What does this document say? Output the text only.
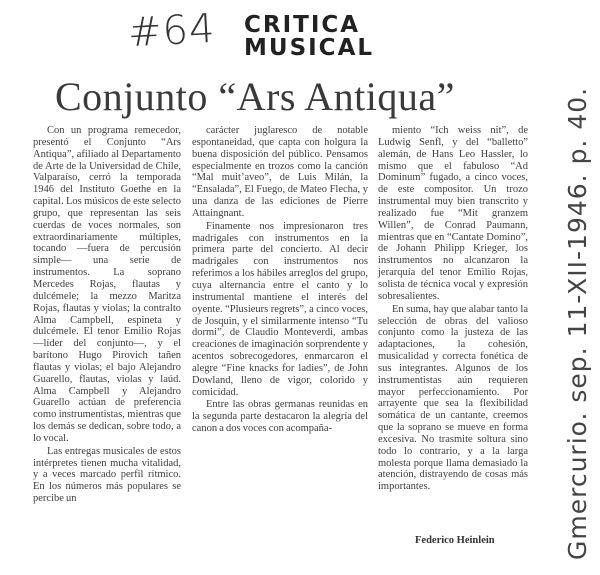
#64 CRITICA
MUSICAL
Conjunto “Ars Antiqua”

Con un programa remecedor, presentó el Conjunto “Ars Antiqua”, afiliado al Departamento de Arte de la Universidad de Chile, Valparaíso, cerró la temporada 1946 del Instituto Goethe en la capital. Los músicos de este selecto grupo, que representan las seis cuerdas de voces normales, son extraordinariamente múltiples, tocando —fuera de percusión simple— una serie de instrumentos. La soprano Mercedes Rojas, flautas y dulcémele; la mezzo Maritza Rojas, flautas y violas; la contralto Alma Campbell, espineta y dulcémele. El tenor Emilio Rojas —líder del conjunto—, y el barítono Hugo Pirovich tañen flautas y violas; el bajo Alejandro Guarello, flautas, violas y laúd. Alma Campbell y Alejandro Guarello actúan de preferencia como instrumentistas, mientras que los demás se dedican, sobre todo, a lo vocal.

Las entregas musicales de estos intérpretes tienen mucha vitalidad, y a veces marcado perfil rítmico. En los números más populares se percibe un

carácter juglaresco de notable espontaneidad, que capta con holgura la buena disposición del público. Pensamos especialmente en trozos como la canción “Mal muit’aveo”, de Luis Milán, la “Ensalada”, El Fuego, de Mateo Flecha, y una danza de las ediciones de Pierre Attaingnant.

Finamente nos impresionaron tres madrigales con instrumentos en la primera parte del concierto. Al decir madrigales con instrumentos nos referimos a los hábiles arreglos del grupo, cuya alternancia entre el canto y lo instrumental mantiene el interés del oyente. “Plusieurs regrets”, a cinco voces, de Josquin, y el similarmente intenso “Tu dormi”, de Claudio Monteverdi, ambas creaciones de imaginación sorprendente y acentos sobrecogedores, enmarcaron el alegre “Fine knacks for ladies”, de John Dowland, lleno de vigor, colorido y comicidad.

Entre las obras germanas reunidas en la segunda parte destacaron la alegría del canon a dos voces con acompaña-

miento “Ich weiss nit”, de Ludwig Senfl, y del “balletto” alemán, de Hans Leo Hassler, lo mismo que el fabuloso “Ad Dominum” fugado, a cinco voces, de este compositor. Un trozo instrumental muy bien transcrito y realizado fue “Mit granzem Willen”, de Conrad Paumann, mientras que en “Cantate Domino”, de Johann Philipp Krieger, los instrumentos no alcanzaron la jerarquía del tenor Emilio Rojas, solista de técnica vocal y expresión sobresalientes.

En suma, hay que alabar tanto la selección de obras del valioso conjunto como la justeza de las adaptaciones, la cohesión, musicalidad y correcta fonética de sus integrantes. Algunos de los instrumentistas aún requieren mayor perfeccionamiento. Por arrayente que sea la flexibilidad somática de un cantante, creemos que la soprano se mueve en forma excesiva. No trasmite soltura sino todo lo contrario, y a la larga molesta porque llama demasiado la atención, distrayendo de cosas más importantes.

Federico Heinlein	Gmercurio. sep. 11-XII-1946. p. 40.
